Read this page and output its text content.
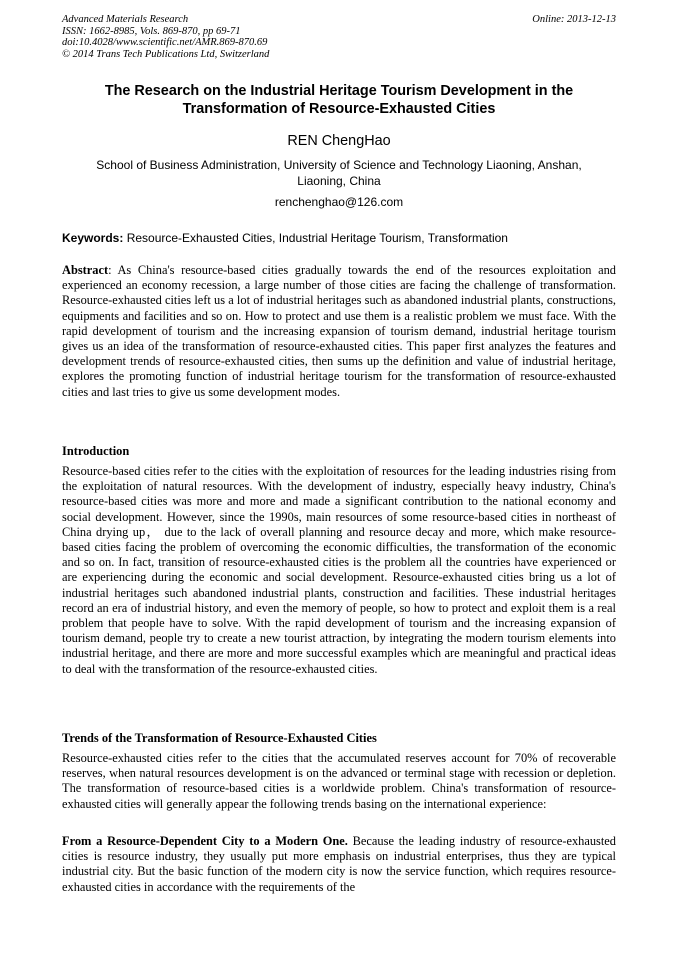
Advanced Materials Research
ISSN: 1662-8985, Vols. 869-870, pp 69-71
doi:10.4028/www.scientific.net/AMR.869-870.69
© 2014 Trans Tech Publications Ltd, Switzerland
Online: 2013-12-13
The Research on the Industrial Heritage Tourism Development in the
Transformation of Resource-Exhausted Cities
REN ChengHao
School of Business Administration, University of Science and Technology Liaoning, Anshan,
Liaoning, China
renchenghao@126.com
Keywords: Resource-Exhausted Cities, Industrial Heritage Tourism, Transformation
Abstract: As China's resource-based cities gradually towards the end of the resources exploitation and experienced an economy recession, a large number of those cities are facing the challenge of transformation. Resource-exhausted cities left us a lot of industrial heritages such as abandoned industrial plants, constructions, equipments and facilities and so on. How to protect and use them is a realistic problem we must face. With the rapid development of tourism and the increasing expansion of tourism demand, industrial heritage tourism gives us an idea of the transformation of resource-exhausted cities. This paper first analyzes the features and development trends of resource-exhausted cities, then sums up the definition and value of industrial heritage, explores the promoting function of industrial heritage tourism for the transformation of resource-exhausted cities and last tries to give us some development modes.
Introduction
Resource-based cities refer to the cities with the exploitation of resources for the leading industries rising from the exploitation of natural resources. With the development of industry, especially heavy industry, China's resource-based cities was more and more and made a significant contribution to the national economy and social development. However, since the 1990s, main resources of some resource-based cities in northeast of China drying up， due to the lack of overall planning and resource decay and more, which make resource-based cities facing the problem of overcoming the economic difficulties, the transformation of the economic and so on. In fact, transition of resource-exhausted cities is the problem all the countries have experienced or are experiencing during the economic and social development. Resource-exhausted cities bring us a lot of industrial heritages such abandoned industrial plants, construction and facilities. These industrial heritages record an era of industrial history, and even the memory of people, so how to protect and exploit them is a real problem that people have to solve. With the rapid development of tourism and the increasing expansion of tourism demand, people try to create a new tourist attraction, by integrating the modern tourism elements into industrial heritage, and there are more and more successful examples which are meaningful and practical ideas to deal with the transformation of the resource-exhausted cities.
Trends of the Transformation of Resource-Exhausted Cities
Resource-exhausted cities refer to the cities that the accumulated reserves account for 70% of recoverable reserves, when natural resources development is on the advanced or terminal stage with recession or depletion. The transformation of resource-based cities is a worldwide problem. China's transformation of resource-exhausted cities will generally appear the following trends basing on the international experience:
From a Resource-Dependent City to a Modern One. Because the leading industry of resource-exhausted cities is resource industry, they usually put more emphasis on industrial enterprises, thus they are typical industrial city. But the basic function of the modern city is now the service function, which requires resource-exhausted cities in accordance with the requirements of the
